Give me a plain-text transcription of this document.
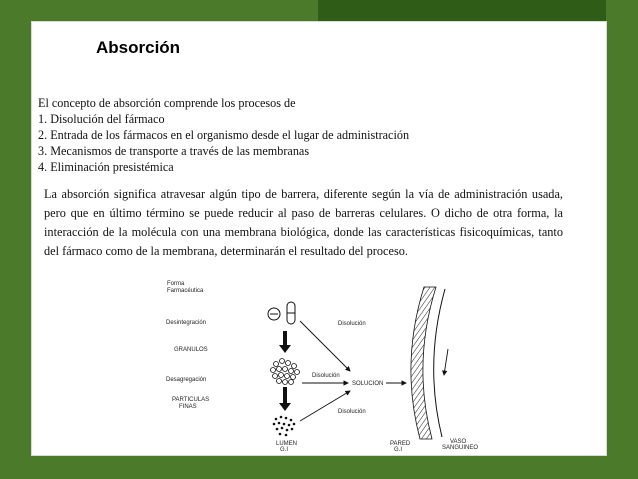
Absorción
El concepto de absorción comprende los procesos de
1. Disolución del fármaco
2. Entrada de los fármacos en el organismo desde el lugar de administración
3. Mecanismos de transporte a través de las membranas
4. Eliminación presistémica
La absorción significa atravesar algún tipo de barrera, diferente según la vía de administración usada, pero que en último término se puede reducir al paso de barreras celulares. O dicho de otra forma, la interacción de la molécula con una membrana biológica, donde las características fisicoquímicas, tanto del fármaco como de la membrana, determinarán el resultado del proceso.
Forma
Farmacéutica
Desintegración
GRANULOS
Desagregación
PARTICULAS
FINAS
LUMEN
G.I
Disolución
Disolución
Disolución
SOLUCION
PARED
G.I
VASO
SANGUINEO
